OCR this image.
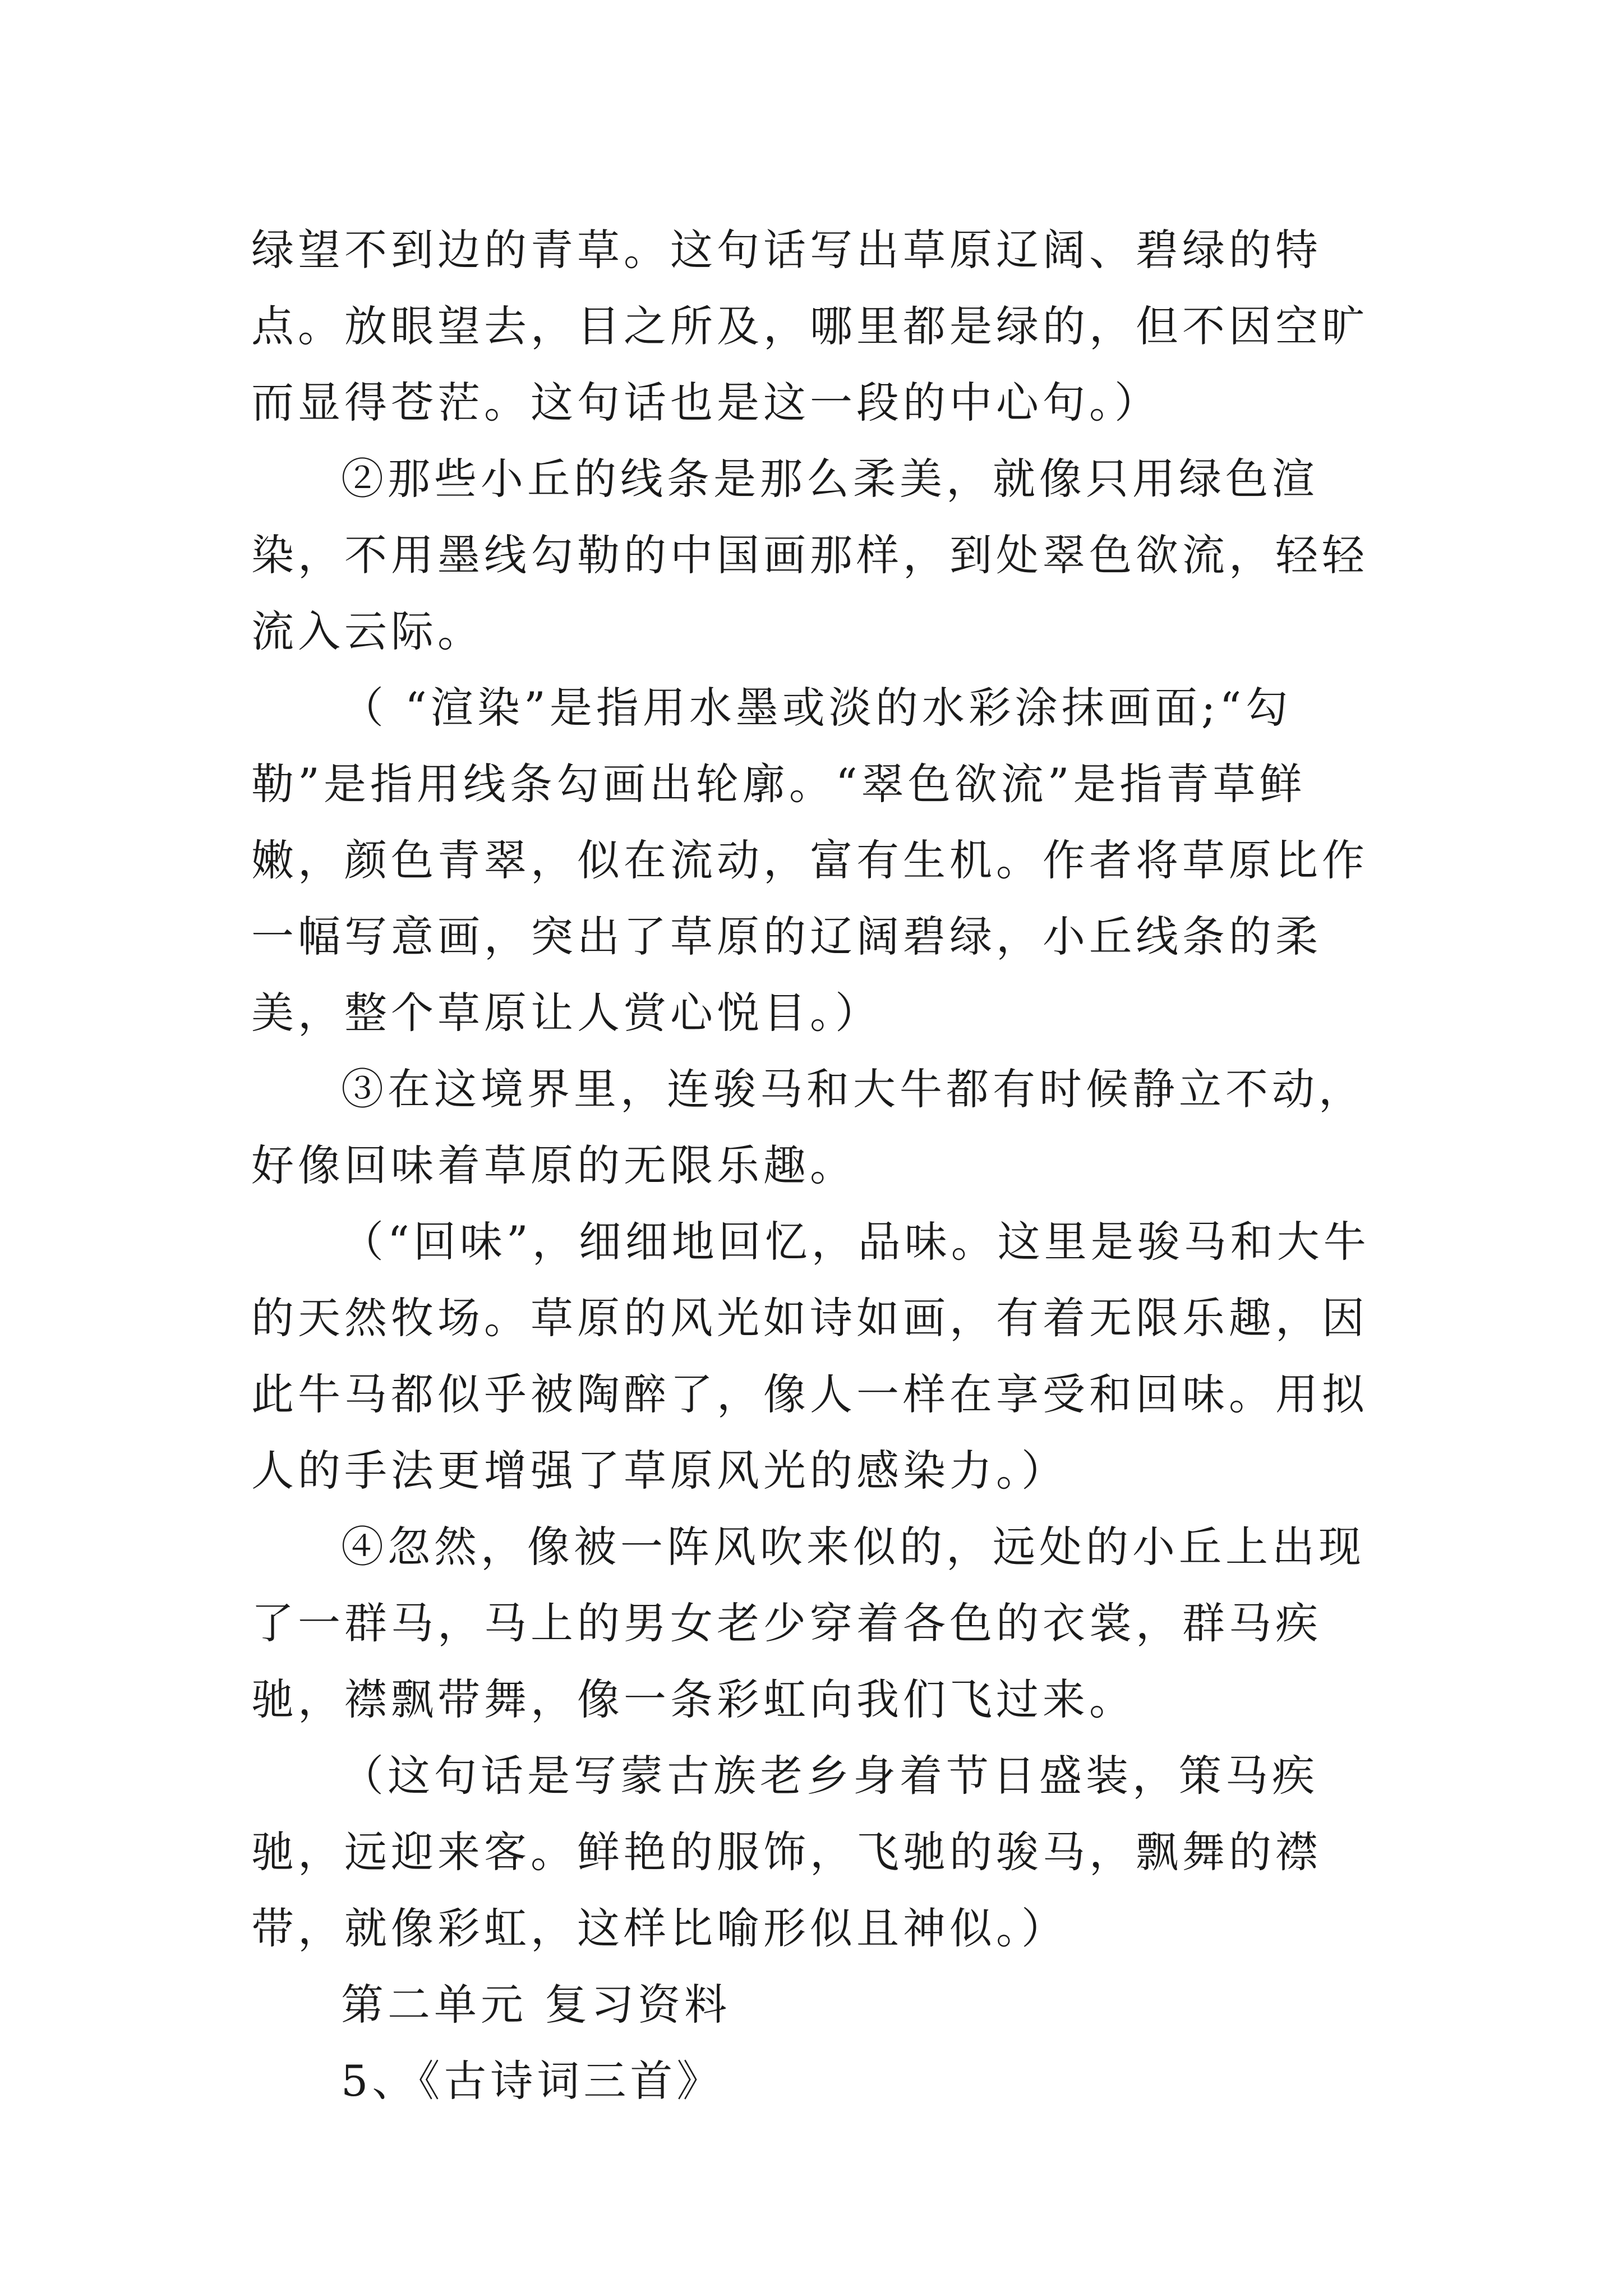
绿望不到边的青草。这句话写出草原辽阔、碧绿的特点。放眼望去，目之所及，哪里都是绿的，但不因空旷而显得苍茫。这句话也是这一段的中心句。）

②那些小丘的线条是那么柔美，就像只用绿色渲染，不用墨线勾勒的中国画那样，到处翠色欲流，轻轻流入云际。

（ “渲染”是指用水墨或淡的水彩涂抹画面;“勾勒”是指用线条勾画出轮廓。“翠色欲流”是指青草鲜嫩，颜色青翠，似在流动，富有生机。作者将草原比作一幅写意画，突出了草原的辽阔碧绿，小丘线条的柔美，整个草原让人赏心悦目。）

③在这境界里，连骏马和大牛都有时候静立不动，好像回味着草原的无限乐趣。

（“回味”，细细地回忆，品味。这里是骏马和大牛的天然牧场。草原的风光如诗如画，有着无限乐趣，因此牛马都似乎被陶醉了，像人一样在享受和回味。用拟人的手法更增强了草原风光的感染力。）

④忽然，像被一阵风吹来似的，远处的小丘上出现了一群马，马上的男女老少穿着各色的衣裳，群马疾驰，襟飘带舞，像一条彩虹向我们飞过来。

（这句话是写蒙古族老乡身着节日盛装，策马疾驰，远迎来客。鲜艳的服饰，飞驰的骏马，飘舞的襟带，就像彩虹，这样比喻形似且神似。）

第二单元 复习资料

5、《古诗词三首》
